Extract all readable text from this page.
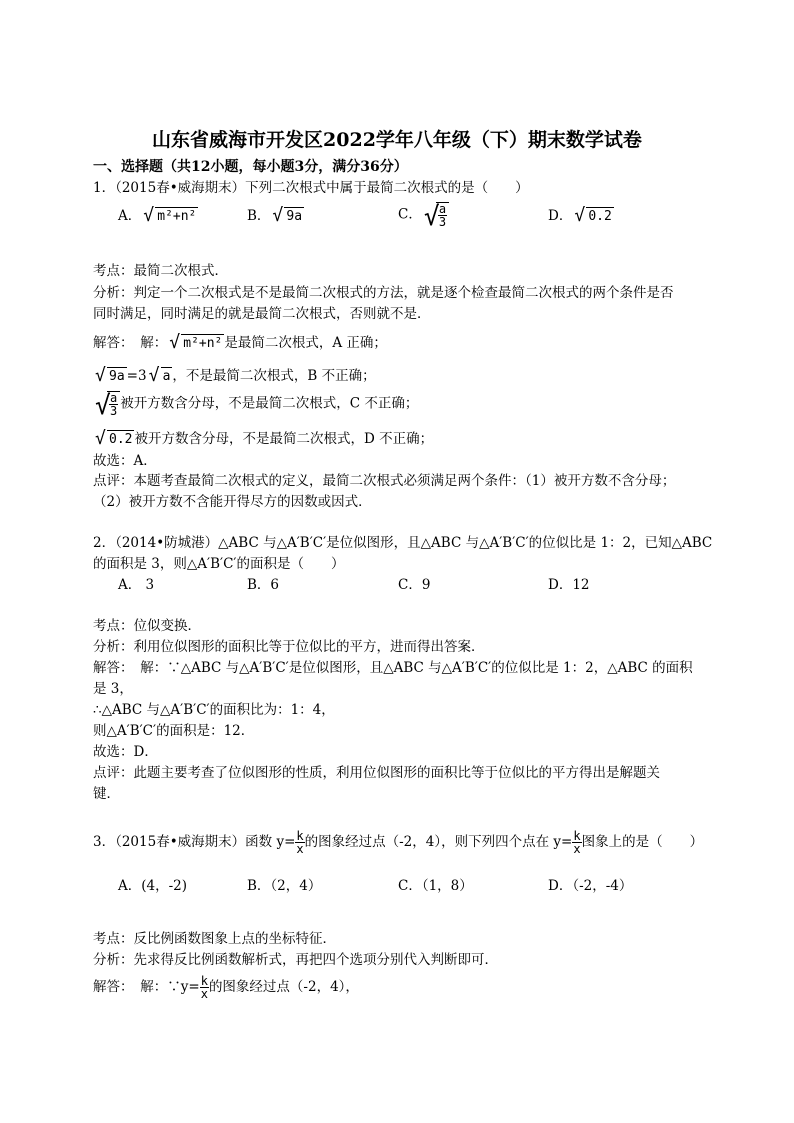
山东省威海市开发区2022学年八年级（下）期末数学试卷
一、选择题（共12小题，每小题3分，满分36分）
1．（2015春•威海期末）下列二次根式中属于最简二次根式的是（　　）
A． √ m²+n²	B． √ 9a	C． √
$\frac{a}{3}$	D． √ 0.2
考点：最简二次根式．
分析：判定一个二次根式是不是最简二次根式的方法，就是逐个检查最简二次根式的两个条件是否
同时满足，同时满足的就是最简二次根式，否则就不是．
解答：　解： √ m²+n² 是最简二次根式，A 正确；
√ 9a =3 √ a ，不是最简二次根式，B 不正确；
√
$\frac{a}{3}$ 被开方数含分母，不是最简二次根式，C 不正确；
√ 0.2 被开方数含分母，不是最简二次根式，D 不正确；
故选：A．
点评：本题考查最简二次根式的定义，最简二次根式必须满足两个条件：（1）被开方数不含分母；
（2）被开方数不含能开得尽方的因数或因式．
2．（2014•防城港）△ABC 与△A′B′C′是位似图形，且△ABC 与△A′B′C′的位似比是 1：2，已知△ABC
的面积是 3，则△A′B′C′的面积是（　　）
A． 3	B．6	C．9	D．12
考点：位似变换．
分析：利用位似图形的面积比等于位似比的平方，进而得出答案．
解答：　解：∵△ABC 与△A′B′C′是位似图形，且△ABC 与△A′B′C′的位似比是 1：2，△ABC 的面积
是 3，
∴△ABC 与△A′B′C′的面积比为：1：4，
则△A′B′C′的面积是：12．
故选：D．
点评：此题主要考查了位似图形的性质，利用位似图形的面积比等于位似比的平方得出是解题关
键．
3．（2015春•威海期末）函数 $y= \frac{k}{x}$ 的图象经过点（-2，4），则下列四个点在 $y= \frac{k}{x}$ 图象上的是（　　）
A．(4，-2)	B．（2，4）	C．（1，8）	D．（-2，-4）
考点：反比例函数图象上点的坐标特征．
分析：先求得反比例函数解析式，再把四个选项分别代入判断即可．
解答：　解：∵y= $\frac{k}{x}$ 的图象经过点（-2，4），
